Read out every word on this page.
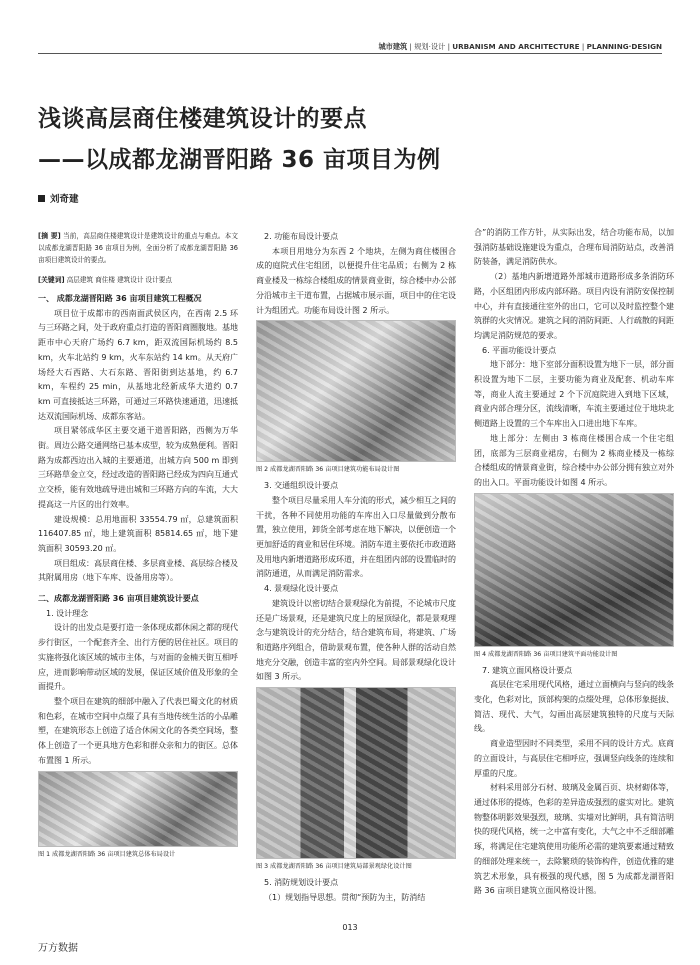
城市建筑 | 规划·设计 | URBANISM AND ARCHITECTURE | PLANNING·DESIGN
浅谈高层商住楼建筑设计的要点
——以成都龙湖晋阳路 36 亩项目为例
刘奇建

[摘 要] 当前，高层商住楼建筑设计是建筑设计的重点与难点。本文以成都龙湖晋阳路 36 亩项目为例，全面分析了成都龙湖晋阳路 36 亩项目建筑设计的要点。

[关键词] 高层建筑 商住楼 建筑设计 设计要点

一、 成都龙湖晋阳路 36 亩项目建筑工程概况

项目位于成都市的西南面武侯区内，在西南 2.5 环与三环路之间，处于政府重点打造的晋阳商圈腹地。基地距市中心天府广场约 6.7 km，距双流国际机场约 8.5 km，火车北站约 9 km，火车东站约 14 km。从天府广场经大石西路、大石东路、晋阳街到达基地，约 6.7 km，车程约 25 min，从基地北经新成华大道约 0.7 km 可直接抵达三环路，可通过三环路快速通道，迅速抵达双流国际机场、成都东客站。

项目紧邻成华区主要交通干道晋阳路，西侧为万华街。周边公路交通网络已基本成型，较为成熟便利。晋阳路为成都西边出入城的主要通道，出城方向 500 m 即到三环路草金立交，经过改造的晋阳路已经成为四向互通式立交桥，能有效地疏导进出城和三环路方向的车流，大大提高这一片区的出行效率。

建设规模：总用地面积 33554.79 ㎡，总建筑面积 116407.85 ㎡，地上建筑面积 85814.65 ㎡，地下建筑面积 30593.20 ㎡。

项目组成：高层商住楼、多层商业楼、高层综合楼及其附属用房（地下车库、设备用房等）。

二、成都龙湖晋阳路 36 亩项目建筑设计要点

1. 设计理念

设计的出发点是要打造一条体现成都休闲之都的现代步行街区，一个配套齐全、出行方便的居住社区。项目的实施将强化该区域的城市主体，与对面的金楠天街互相呼应，进而影响带动区域的发展，保证区域价值及形象的全面提升。

整个项目在建筑的细部中融入了代表巴蜀文化的材质和色彩，在城市空间中点缀了具有当地传统生活的小品雕塑，在建筑形态上创造了适合休闲文化的各类空间场，整体上创造了一个更具地方色彩和群众亲和力的街区。总体布置图 1 所示。

图 1 成都龙湖晋阳路 36 亩项目建筑总体布局设计

2. 功能布局设计要点

本项目用地分为东西 2 个地块，左侧为商住楼围合成的庭院式住宅组团，以便提升住宅品质；右侧为 2 栋商业楼及一栋综合楼组成的情景商业街，综合楼中办公部分沿城市主干道布置，占据城市展示面，项目中的住宅设计为组团式。功能布局设计图 2 所示。

图 2 成都龙湖晋阳路 36 亩项目建筑功能布局设计图

3. 交通组织设计要点

整个项目尽量采用人车分流的形式，减少相互之间的干扰，各种不同使用功能的车库出入口尽量做到分散布置，独立使用，卸货全部考虑在地下解决，以便创造一个更加舒适的商业和居住环境。消防车道主要依托市政道路及用地内新增道路形成环道，并在组团内部的设置临时的消防通道，从而满足消防需求。

4. 景观绿化设计要点

建筑设计以密切结合景观绿化为前提，不论城市尺度还是广场景观，还是建筑尺度上的屋顶绿化，都是景观理念与建筑设计的充分结合，结合建筑布局，将建筑、广场和道路序列组合，借助景观布置，使各种人群的活动自然地充分交融，创造丰富的室内外空间。局部景观绿化设计如图 3 所示。

图 3 成都龙湖晋阳路 36 亩项目建筑局部景观绿化设计图

5. 消防规划设计要点

（1）规划指导思想。贯彻“预防为主，防消结

合”的消防工作方针，从实际出发，结合功能布局，以加强消防基础设施建设为重点，合理布局消防站点，改善消防装备，满足消防供水。

（2）基地内新增道路外部城市道路形成多条消防环路，小区组团内形成内部环路。项目内设有消防安保控制中心，并有直接通往室外的出口，它可以及时监控整个建筑群的火灾情况。建筑之间的消防间距、人行疏散的间距均满足消防规范的要求。

6. 平面功能设计要点

地下部分：地下室部分面积设置为地下一层，部分面积设置为地下二层，主要功能为商业及配套、机动车库等，商业人流主要通过 2 个下沉庭院进入到地下区域，商业内部合理分区，流线清晰，车流主要通过位于地块北侧道路上设置的三个车库出入口进出地下车库。

地上部分：左侧由 3 栋商住楼围合成一个住宅组团，底部为三层商业裙房，右侧为 2 栋商业楼及一栋综合楼组成的情景商业街，综合楼中办公部分拥有独立对外的出入口。平面功能设计如图 4 所示。

图 4 成都龙湖晋阳路 36 亩项目建筑平面功能设计图

7. 建筑立面风格设计要点

高层住宅采用现代风格，通过立面横向与竖向的线条变化，色彩对比，顶部构架的点缀处理，总体形象挺拔、简洁、现代、大气，勾画出高层建筑独特的尺度与天际线。

商业造型因时不同类型，采用不同的设计方式。底商的立面设计，与高层住宅相呼应，强调竖向线条的连续和厚重的尺度。

材料采用部分石材、玻璃及金属百页、块材砌体等，通过体形的提炼，色彩的差异造成强烈的虚实对比。建筑物整体明影效果强烈，玻璃、实墙对比鲜明，具有简洁明快的现代风格，统一之中富有变化，大气之中不乏细部雕琢，将满足住宅建筑使用功能所必需的建筑要素通过精致的细部处理来统一，去除繁琐的装饰构件，创造优雅的建筑艺术形象，具有极强的现代感，图 5 为成都龙湖晋阳路 36 亩项目建筑立面风格设计图。

013
万方数据
